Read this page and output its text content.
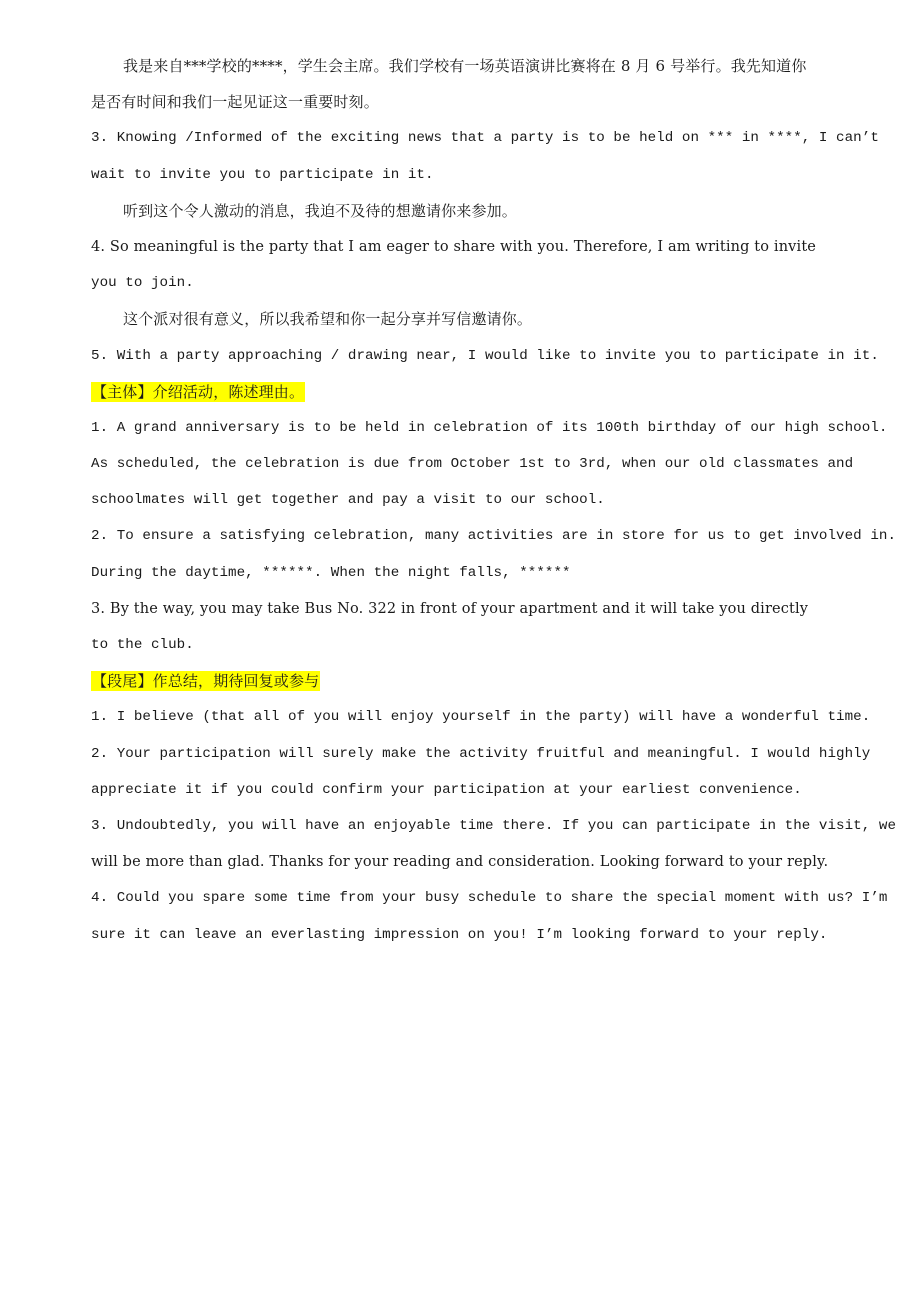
我是来自***学校的****，学生会主席。我们学校有一场英语演讲比赛将在 8 月 6 号举行。我先知道你
是否有时间和我们一起见证这一重要时刻。
3. Knowing /Informed of the exciting news that a party is to be held on *** in ****, I can’t
wait to invite you to participate in it.
听到这个令人激动的消息，我迫不及待的想邀请你来参加。
4. So meaningful is the party that I am eager to share with you. Therefore, I am writing to invite
you to join.
这个派对很有意义，所以我希望和你一起分享并写信邀请你。
5. With a party approaching / drawing near, I would like to invite you to participate in it.
【主体】介绍活动，陈述理由。
1. A grand anniversary is to be held in celebration of its 100th birthday of our high school.
As scheduled, the celebration is due from October 1st to 3rd, when our old classmates and
schoolmates will get together and pay a visit to our school.
2. To ensure a satisfying celebration, many activities are in store for us to get involved in.
During the daytime, ******. When the night falls, ******
3. By the way, you may take Bus No. 322 in front of your apartment and it will take you directly
to the club.
【段尾】作总结，期待回复或参与
1. I believe (that all of you will enjoy yourself in the party) will have a wonderful time.
2. Your participation will surely make the activity fruitful and meaningful. I would highly
appreciate it if you could confirm your participation at your earliest convenience.
3. Undoubtedly, you will have an enjoyable time there. If you can participate in the visit, we
will be more than glad. Thanks for your reading and consideration. Looking forward to your reply.
4. Could you spare some time from your busy schedule to share the special moment with us? I’m
sure it can leave an everlasting impression on you! I’m looking forward to your reply.
